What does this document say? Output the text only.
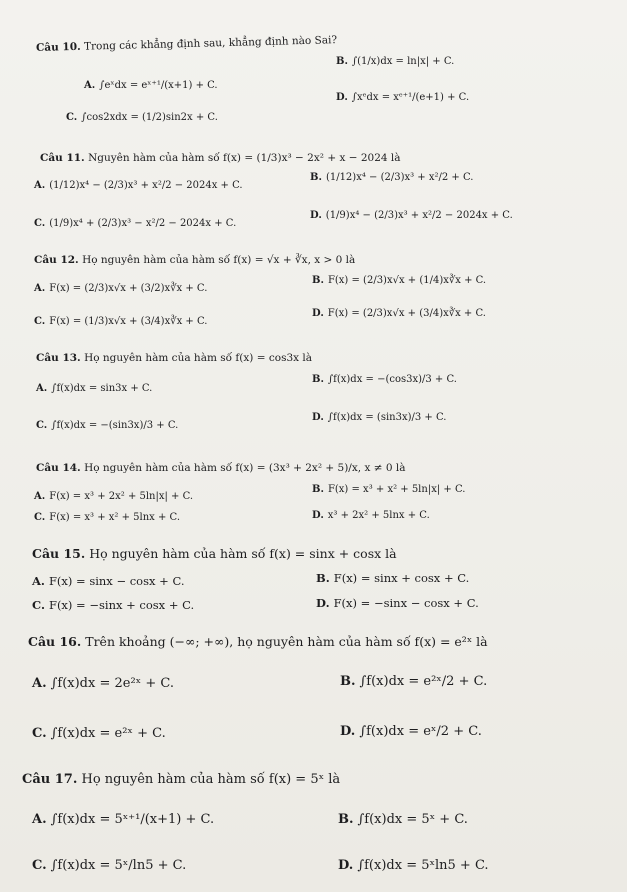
Câu 10. Trong các khẳng định sau, khẳng định nào Sai?
A. ∫eˣdx = eˣ⁺¹/(x+1) + C.
B. ∫(1/x)dx = ln|x| + C.
C. ∫cos2xdx = (1/2)sin2x + C.
D. ∫xᵉdx = xᵉ⁺¹/(e+1) + C.
Câu 11. Nguyên hàm của hàm số f(x) = (1/3)x³ − 2x² + x − 2024 là
A. (1/12)x⁴ − (2/3)x³ + x²/2 − 2024x + C.
B. (1/12)x⁴ − (2/3)x³ + x²/2 + C.
C. (1/9)x⁴ + (2/3)x³ − x²/2 − 2024x + C.
D. (1/9)x⁴ − (2/3)x³ + x²/2 − 2024x + C.
Câu 12. Họ nguyên hàm của hàm số f(x) = √x + ∛x, x > 0 là
A. F(x) = (2/3)x√x + (3/2)x∛x + C.
B. F(x) = (2/3)x√x + (1/4)x∛x + C.
C. F(x) = (1/3)x√x + (3/4)x∛x + C.
D. F(x) = (2/3)x√x + (3/4)x∛x + C.
Câu 13. Họ nguyên hàm của hàm số f(x) = cos3x là
A. ∫f(x)dx = sin3x + C.
B. ∫f(x)dx = −(cos3x)/3 + C.
C. ∫f(x)dx = −(sin3x)/3 + C.
D. ∫f(x)dx = (sin3x)/3 + C.
Câu 14. Họ nguyên hàm của hàm số f(x) = (3x³ + 2x² + 5)/x, x ≠ 0 là
A. F(x) = x³ + 2x² + 5ln|x| + C.
B. F(x) = x³ + x² + 5ln|x| + C.
C. F(x) = x³ + x² + 5lnx + C.	D. x³ + 2x² + 5lnx + C.
Câu 15. Họ nguyên hàm của hàm số f(x) = sinx + cosx là
A. F(x) = sinx − cosx + C.	B. F(x) = sinx + cosx + C.
C. F(x) = −sinx + cosx + C.	D. F(x) = −sinx − cosx + C.
Câu 16. Trên khoảng (−∞; +∞), họ nguyên hàm của hàm số f(x) = e²ˣ là
A. ∫f(x)dx = 2e²ˣ + C.	B. ∫f(x)dx = e²ˣ/2 + C.
C. ∫f(x)dx = e²ˣ + C.	D. ∫f(x)dx = eˣ/2 + C.
Câu 17. Họ nguyên hàm của hàm số f(x) = 5ˣ là
A. ∫f(x)dx = 5ˣ⁺¹/(x+1) + C.	B. ∫f(x)dx = 5ˣ + C.
C. ∫f(x)dx = 5ˣ/ln5 + C.	D. ∫f(x)dx = 5ˣln5 + C.
